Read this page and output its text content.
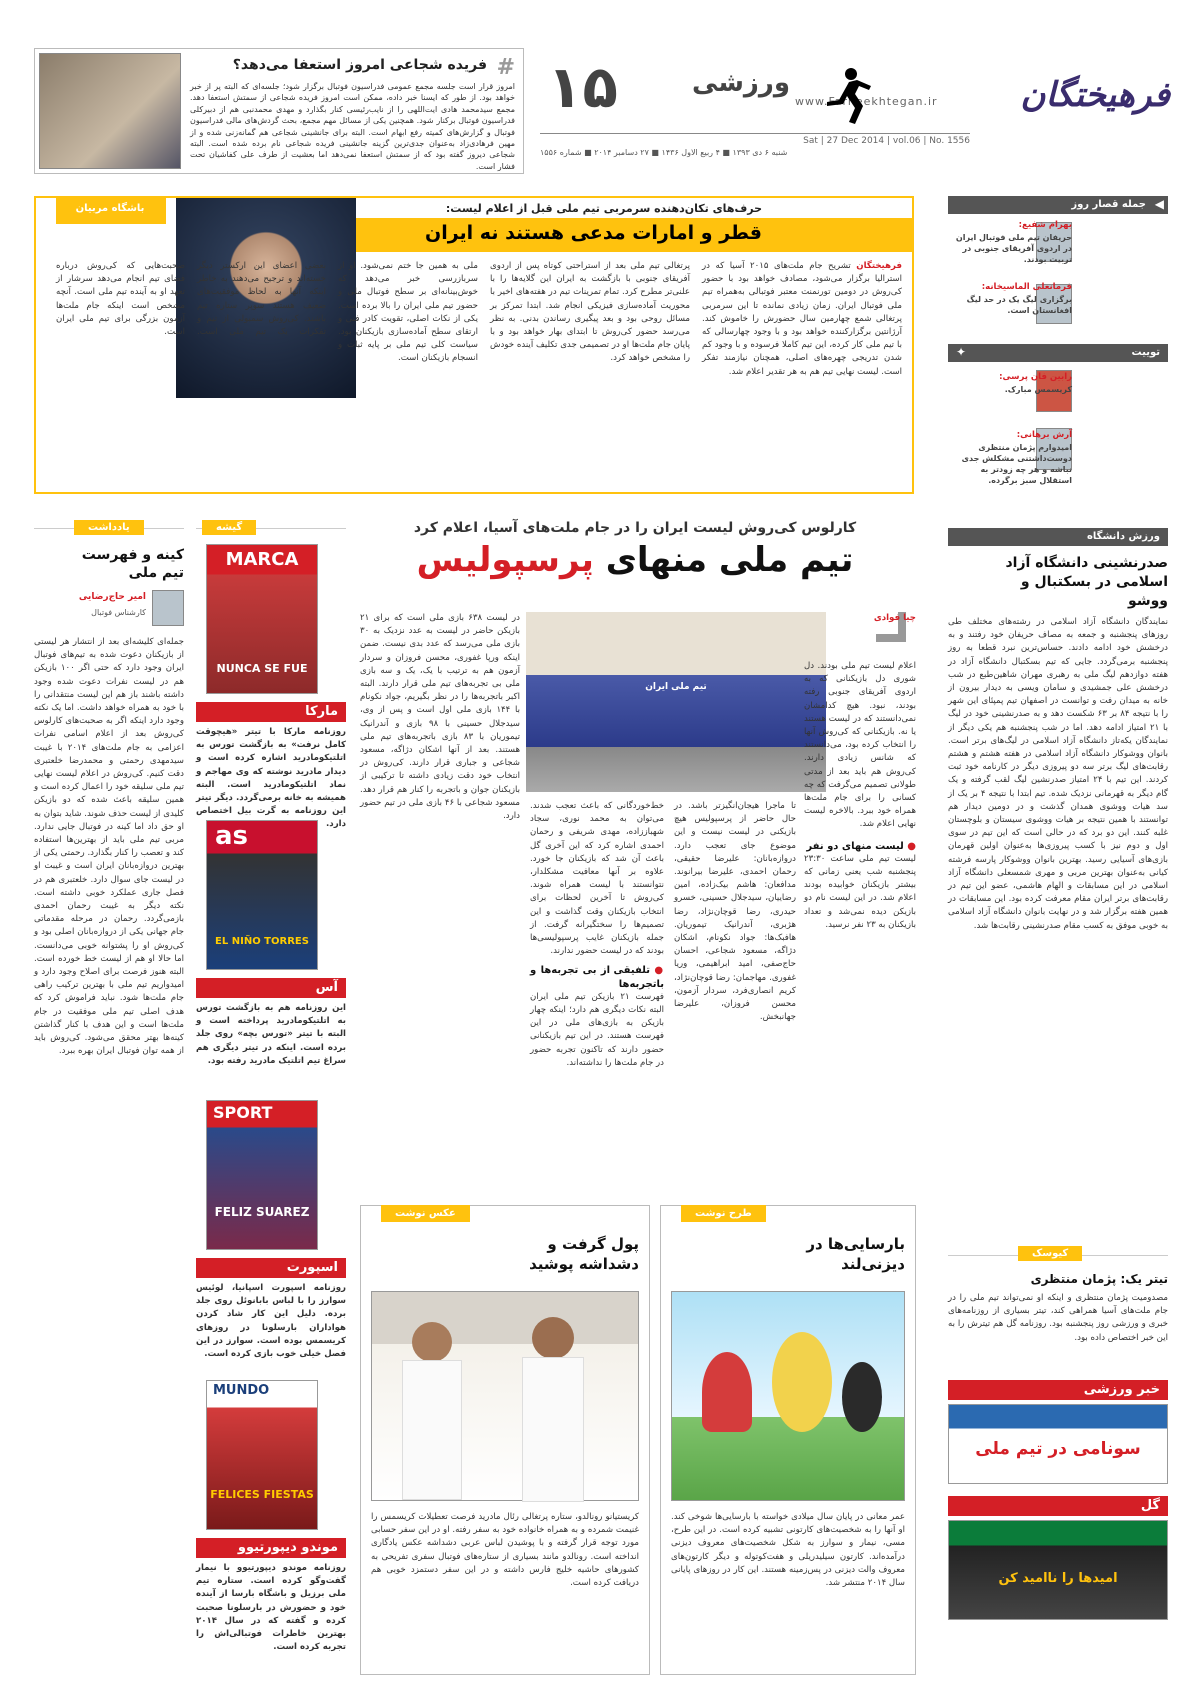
فرهیختگان
www.Farheekhtegan.ir
ورزشی
۱۵
Sat | 27 Dec 2014 | vol.06 | No. 1556
شنبه ۶ دی ۱۳۹۳ ■ ۴ ربیع الاول ۱۴۳۶ ■ ۲۷ دسامبر ۲۰۱۴ ■ شماره ۱۵۵۶
#
فریده شجاعی امروز استعفا می‌دهد؟
امروز قرار است جلسه مجمع عمومی فدراسیون فوتبال برگزار شود؛ جلسه‌ای که البته پر از خبر خواهد بود. از طور که ایسنا خبر داده، ممکن است امروز فریده شجاعی از سمتش استعفا دهد. مجمع سیدمحمد هادی ایت‌اللهی را از نایب‌رئیسی کنار بگذارد و مهدی محمدنبی هم از دبیرکلی فدراسیون فوتبال برکنار شود. همچنین یکی از مسائل مهم مجمع، بحث گردش‌های مالی فدراسیون فوتبال و گزارش‌های کمیته رفع ابهام است. البته برای جانشینی شجاعی هم گمانه‌زنی شده و از مهین فرهادی‌زاد به‌عنوان جدی‌ترین گزینه جانشینی فریده شجاعی نام برده شده است. البته شجاعی دیروز گفته بود که از سمتش استعفا نمی‌دهد اما بعشیت از طرف علی کفاشیان تحت فشار است.
باشگاه مربیان	حرف‌های تکان‌دهنده سرمربی تیم ملی قبل از اعلام لیست:
قطر و امارات مدعی هستند نه ایران
فرهیختگان تشریح جام ملت‌های ۲۰۱۵ آسیا که در استرالیا برگزار می‌شود، مصادف خواهد بود با حضور کی‌روش در دومین تورنمنت معتبر فوتبالی به‌همراه تیم ملی فوتبال ایران. زمان زیادی نمانده تا این سرمربی پرتغالی شمع چهارمین سال حضورش را خاموش کند. آرژانتین برگزارکننده خواهد بود و با وجود چهارسالی که با تیم ملی کار کرده، این تیم کاملا فرسوده و با وجود کم شدن تدریجی چهره‌های اصلی، همچنان نیازمند تفکر است. لیست نهایی تیم هم به هر تقدیر اعلام شد.
پرتغالی تیم ملی بعد از استراحتی کوتاه پس از اردوی آفریقای جنوبی با بازگشت به ایران این گلایه‌ها را با علنی‌تر مطرح کرد. تمام تمرینات تیم در هفته‌های اخیر با محوریت آماده‌سازی فیزیکی انجام شد. ابتدا تمرکز بر مسائل روحی بود و بعد پیگیری رساندن بدنی. به نظر می‌رسد حضور کی‌روش تا ابتدای بهار خواهد بود و با پایان جام ملت‌ها او در تصمیمی جدی تکلیف آینده خودش را مشخص خواهد کرد.
ملی به همین جا ختم نمی‌شود. او از سربازرسی خبر می‌دهد که خوش‌بینانه‌ای بر سطح فوتبال ملی و حضور تیم ملی ایران را بالا برده است. یکی از نکات اصلی، تقویت کادر فنی و ارتقای سطح آماده‌سازی بازیکنان بود. سیاست کلی تیم ملی بر پایه ثبات و انسجام بازیکنان است.
بعضی اعضای این ارکستر دیگر خسته‌اند و ترجیح می‌دهند به خاطر اینکه آنها به لحاظ موفقیت‌های ضعیف هستند سوپر ستاره تیم باشند. کی‌روش سمبولی از تیم و تفکرات یک تیم ملی است. صحبت‌هایی که کی‌روش درباره فضای تیم انجام می‌دهد سرشار از تعهد او به آینده تیم ملی است. آنچه مشخص است اینکه جام ملت‌ها آزمون بزرگی برای تیم ملی ایران است.
جمله قصار روز ◀
بهرام شفیع:
حریفان تیم ملی فوتبال ایران در اردوی آفریقای جنوبی در تربیت بودند.
فرمانعلی الماسیخانه:
برگزاری لیگ یک در حد لیگ افغانستان است.
توییت
✦
رابین فان پرسی:
کریسمس مبارک.
آرش برهانی:
امیدوارم پژمان منتظری دوست‌داشتنی مشکلش جدی نباشه و هر چه زودتر به استقلال سبز برگرده.
ورزش دانشگاه
صدرنشینی دانشگاه آزاد اسلامی در بسکتبال و ووشو
نمایندگان دانشگاه آزاد اسلامی در رشته‌های مختلف طی روزهای پنجشنبه و جمعه به مصاف حریفان خود رفتند و به درخشش خود ادامه دادند. حساس‌ترین نبرد قطعا به روز پنجشنبه برمی‌گردد. جایی که تیم بسکتبال دانشگاه آزاد در هفته دوازدهم لیگ ملی به رهبری مهران شاهین‌طبع در شب درخشش علی جمشیدی و سامان ویسی به دیدار بیرون از خانه به میدان رفت و توانست در اصفهان تیم پمپئای این شهر را با نتیجه ۸۴ بر ۶۳ شکست دهد و به صدرنشینی خود در لیگ با ۲۱ امتیاز ادامه دهد. اما در شب پنجشنبه هم یکی دیگر از نمایندگان یکه‌تاز دانشگاه آزاد اسلامی در لیگ‌های برتر است. بانوان ووشوکار دانشگاه آزاد اسلامی در هفته هشتم و هشتم رقابت‌های لیگ برتر سه دو پیروزی دیگر در کارنامه خود ثبت کردند. این تیم با ۲۴ امتیاز صدرنشین لیگ لقب گرفته و یک گام دیگر به قهرمانی نزدیک شده. تیم ابتدا با نتیجه ۴ بر یک از سد هیات ووشوی همدان گذشت و در دومین دیدار هم توانستند با همین نتیجه بر هیات ووشوی سیستان و بلوچستان غلبه کنند. این دو برد که در حالی است که این تیم در سوی اول و دوم نیز با کسب پیروزی‌ها به‌عنوان اولین قهرمان بازی‌های آسیایی رسید. بهترین بانوان ووشوکار پارسه فرشته کیانی به‌عنوان بهترین مربی و مهری شمسعلی دانشگاه آزاد اسلامی در این مسابقات و الهام هاشمی، عضو این تیم در رقابت‌های برتر ایران مقام معرفت کرده بود. این مسابقات در همین هفته برگزار شد و در نهایت بانوان دانشگاه آزاد اسلامی به خوبی موفق به کسب مقام صدرنشینی رقابت‌ها شد.
کیوسک
تیتر یک: پژمان منتظری
مصدومیت پژمان منتظری و اینکه او نمی‌تواند تیم ملی را در جام ملت‌های آسیا همراهی کند، تیتر بسیاری از روزنامه‌های خبری و ورزشی روز پنجشنبه بود. روزنامه گل هم تیترش را به این خبر اختصاص داده بود.
خبر ورزشی
سونامی در تیم ملی
گل
امیدها را ناامید کن
کارلوس کی‌روش لیست ایران را در جام ملت‌های آسیا، اعلام کرد
تیم ملی منهای پرسپولیس
تیم ملی ایران
چیا فوادی
اعلام لیست تیم ملی بودند. دل شوری دل بازیکنانی که به اردوی آفریقای جنوبی رفته بودند، نبود. هیچ کدامشان نمی‌دانستند که در لیست هستند یا نه. بازیکنانی که کی‌روش آنها را انتخاب کرده بود، می‌دانستند که شانس زیادی دارند. کی‌روش هم باید بعد از مدتی طولانی تصمیم می‌گرفت که چه کسانی را برای جام ملت‌ها همراه خود ببرد. بالاخره لیست نهایی اعلام شد.
● لیست منهای دو نفر
لیست تیم ملی ساعت ۲۳:۳۰ پنجشنبه شب یعنی زمانی که بیشتر بازیکنان خوابیده بودند اعلام شد. در این لیست نام دو بازیکن دیده نمی‌شد و تعداد بازیکنان به ۲۳ نفر نرسید.
تا ماجرا هیجان‌انگیزتر باشد. در حال حاضر از پرسپولیس هیچ بازیکنی در لیست نیست و این موضوع جای تعجب دارد. دروازه‌بانان: علیرضا حقیقی، رحمان احمدی، علیرضا بیرانوند. مدافعان: هاشم بیک‌زاده، امین رضاییان، سیدجلال حسینی، خسرو حیدری، رضا قوچان‌نژاد، رضا هژبری، آندرانیک تیموریان. هافبک‌ها: جواد نکونام، اشکان دژاگه، مسعود شجاعی، احسان حاج‌صفی، امید ابراهیمی، وریا غفوری. مهاجمان: رضا قوچان‌نژاد، کریم انصاری‌فرد، سردار آزمون، محسن فروزان، علیرضا جهانبخش.
خط‌خوردگانی که باعث تعجب شدند. می‌توان به محمد نوری، سجاد شهباززاده، مهدی شریفی و رحمان احمدی اشاره کرد که این آخری گل باعث آن شد که بازیکنان جا خورد. علاوه بر آنها معافیت مشکلدار، نتوانستند با لیست همراه شوند. کی‌روش تا آخرین لحظات برای انتخاب بازیکنان وقت گذاشت و این تصمیم‌ها را سختگیرانه گرفت. از جمله بازیکنان غایب پرسپولیسی‌ها بودند که در لیست حضور ندارند.
● تلفیقی از بی تجربه‌ها و باتجربه‌ها
فهرست ۲۱ بازیکن تیم ملی ایران البته نکات دیگری هم دارد؛ اینکه چهار بازیکن به بازی‌های ملی در این فهرست هستند. در این تیم بازیکنانی حضور دارند که تاکنون تجربه حضور در جام ملت‌ها را نداشته‌اند.
در لیست ۶۳۸ بازی ملی است که برای ۲۱ بازیکن حاضر در لیست به عدد نزدیک به ۳۰ بازی ملی می‌رسد که عدد بدی نیست. ضمن اینکه ورپا غفوری، محسن فروزان و سردار آزمون هم به ترتیب با یک، یک و سه بازی ملی بی تجربه‌های تیم ملی قرار دارند. البته اکبر باتجربه‌ها را در نظر بگیریم، جواد نکونام با ۱۴۴ بازی ملی اول است و پس از وی، سیدجلال حسینی با ۹۸ بازی و آندرانیک تیموریان با ۸۳ بازی باتجربه‌های تیم ملی هستند. بعد از آنها اشکان دژاگه، مسعود شجاعی و جباری قرار دارند. کی‌روش در انتخاب خود دقت زیادی داشته تا ترکیبی از بازیکنان جوان و باتجربه را کنار هم قرار دهد. مسعود شجاعی با ۴۶ بازی ملی در تیم حضور دارد.
طرح نوشت
بارسایی‌ها در دیزنی‌لند
عمر معانی در پایان سال میلادی خواسته با بارسایی‌ها شوخی کند. او آنها را به شخصیت‌های کارتونی تشبیه کرده است. در این طرح، مسی، نیمار و سوارز به شکل شخصیت‌های معروف دیزنی درآمده‌اند. کارتون سیلیدریلی و هفت‌کوتوله و دیگر کارتون‌های معروف والت دیزنی در پس‌زمینه هستند. این کار در روزهای پایانی سال ۲۰۱۴ منتشر شد.
عکس نوشت
پول گرفت و دشداشه پوشید
کریستیانو رونالدو، ستاره پرتغالی رئال مادرید فرصت تعطیلات کریسمس را غنیمت شمرده و به همراه خانواده خود به سفر رفته. او در این سفر حسابی مورد توجه قرار گرفته و با پوشیدن لباس عربی دشداشه عکس یادگاری انداخته است. رونالدو مانند بسیاری از ستاره‌های فوتبال سفری تفریحی به کشورهای حاشیه خلیج فارس داشته و در این سفر دستمزد خوبی هم دریافت کرده است.
گیشه
MARCA
NUNCA SE FUE
مارکا
روزنامه مارکا با تیتر «هیچوقت کامل نرفت» به بازگشت تورس به اتلتیکومادرید اشاره کرده است و دیدار مادرید نوشته که وی مهاجم و نماد اتلتیکومادرید است. البته همیشه به خانه برمی‌گردد. دیگر تیتر این روزنامه به گرت بیل اختصاص دارد.
as
EL NIÑO TORRES
آس
این روزنامه هم به بازگشت تورس به اتلتیکومادرید پرداخته است و البته با تیتر «تورس بچه» روی جلد برده است. اینکه در تیتر دیگری هم سراغ تیم اتلتیک مادرید رفته بود.
SPORT
FELIZ SUAREZ
اسپورت
روزنامه اسپورت اسپانیا، لوئیس سوارز را با لباس بابانوئل روی جلد برده. دلیل این کار شاد کردن هواداران بارسلونا در روزهای کریسمس بوده است. سوارز در این فصل خیلی خوب بازی کرده است.
MUNDO
FELICES FIESTAS
موندو دیپورتیوو
روزنامه موندو دیپورتیوو با نیمار گفت‌وگو کرده است. ستاره تیم ملی برزیل و باشگاه بارسا از آینده خود و حضورش در بارسلونا صحبت کرده و گفته که در سال ۲۰۱۴ بهترین خاطرات فوتبالی‌اش را تجربه کرده است.
یادداشت
کینه و فهرست تیم ملی
امیر حاج‌رضایی
کارشناس فوتبال
جمله‌ای کلیشه‌ای بعد از انتشار هر لیستی از بازیکنان دعوت شده به تیم‌های فوتبال ایران وجود دارد که حتی اگر ۱۰۰ بازیکن هم در لیست نفرات دعوت شده وجود داشته باشند باز هم این لیست منتقدانی را با خود به همراه خواهد داشت. اما یک نکته وجود دارد اینکه اگر به صحبت‌های کارلوس کی‌روش بعد از اعلام اسامی نفرات اعزامی به جام ملت‌های ۲۰۱۴ با غیبت سیدمهدی رحمتی و محمدرضا خلعتبری دقت کنیم. کی‌روش در اعلام لیست نهایی تیم ملی سلیقه خود را اعمال کرده است و همین سلیقه باعث شده که دو بازیکن کلیدی از لیست حذف شوند. شاید بتوان به او حق داد اما کینه در فوتبال جایی ندارد. مربی تیم ملی باید از بهترین‌ها استفاده کند و تعصب را کنار بگذارد. رحمتی یکی از بهترین دروازه‌بانان ایران است و غیبت او در لیست جای سوال دارد. خلعتبری هم در فصل جاری عملکرد خوبی داشته است. نکته دیگر به غیبت رحمان احمدی بازمی‌گردد. رحمان در مرحله مقدماتی جام جهانی یکی از دروازه‌بانان اصلی بود و کی‌روش او را پشتوانه خوبی می‌دانست. اما حالا او هم از لیست خط خورده است. البته هنوز فرصت برای اصلاح وجود دارد و امیدواریم تیم ملی با بهترین ترکیب راهی جام ملت‌ها شود. نباید فراموش کرد که هدف اصلی تیم ملی موفقیت در جام ملت‌ها است و این هدف با کنار گذاشتن کینه‌ها بهتر محقق می‌شود. کی‌روش باید از همه توان فوتبال ایران بهره ببرد.
